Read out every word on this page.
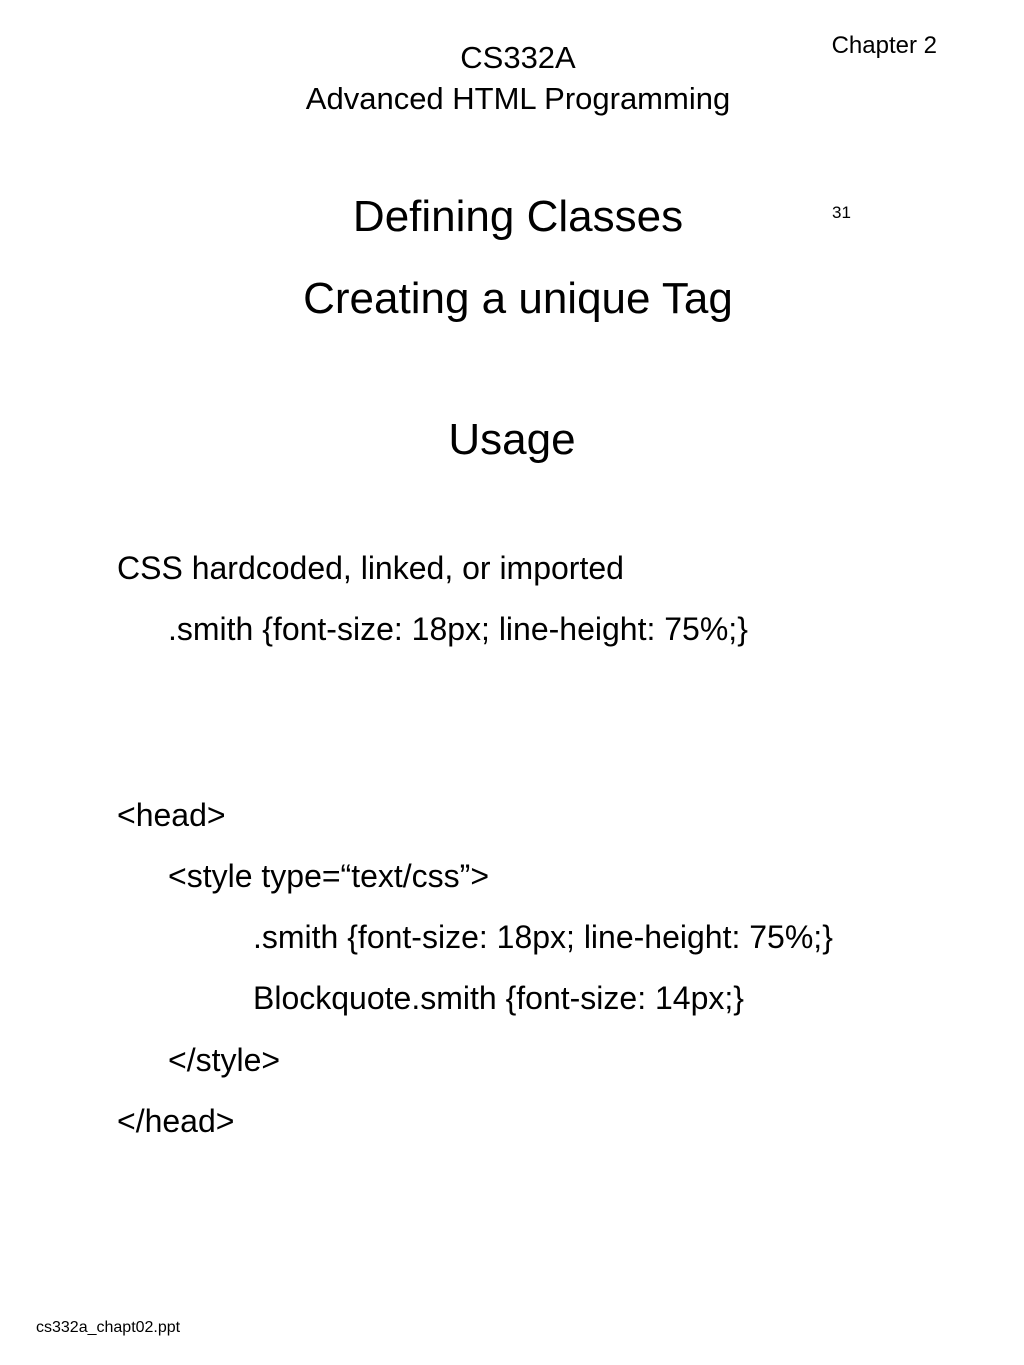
CS332A
Advanced HTML Programming
Chapter 2
31
Defining Classes
Creating a unique Tag
Usage
CSS hardcoded, linked, or imported
.smith {font-size: 18px; line-height: 75%;}
<head>
<style type=“text/css”>
.smith {font-size: 18px; line-height: 75%;}
Blockquote.smith {font-size: 14px;}
</style>
</head>
cs332a_chapt02.ppt
